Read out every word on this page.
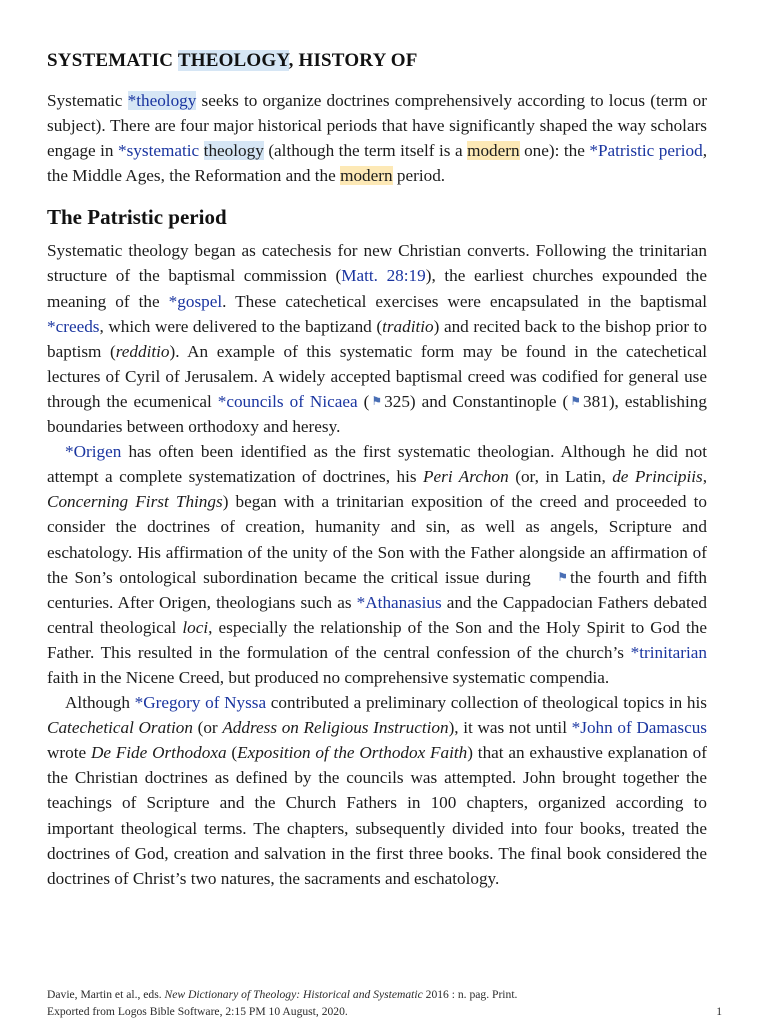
SYSTEMATIC THEOLOGY, HISTORY OF

Systematic *theology seeks to organize doctrines comprehensively according to locus (term or subject). There are four major historical periods that have significantly shaped the way scholars engage in *systematic theology (although the term itself is a modern one): the *Patristic period, the Middle Ages, the Reformation and the modern period.

The Patristic period

Systematic theology began as catechesis for new Christian converts. Following the trinitarian structure of the baptismal commission (Matt. 28:19), the earliest churches expounded the meaning of the *gospel. These catechetical exercises were encapsulated in the baptismal *creeds, which were delivered to the baptizand (traditio) and recited back to the bishop prior to baptism (redditio). An example of this systematic form may be found in the catechetical lectures of Cyril of Jerusalem. A widely accepted baptismal creed was codified for general use through the ecumenical *councils of Nicaea ( ⚑ 325) and Constantinople ( ⚑ 381), establishing boundaries between orthodoxy and heresy.

*Origen has often been identified as the first systematic theologian. Although he did not attempt a complete systematization of doctrines, his Peri Archon (or, in Latin, de Principiis, Concerning First Things) began with a trinitarian exposition of the creed and proceeded to consider the doctrines of creation, humanity and sin, as well as angels, Scripture and eschatology. His affirmation of the unity of the Son with the Father alongside an affirmation of the Son’s ontological subordination became the critical issue during ⚑ the fourth and fifth centuries. After Origen, theologians such as *Athanasius and the Cappadocian Fathers debated central theological loci, especially the relationship of the Son and the Holy Spirit to God the Father. This resulted in the formulation of the central confession of the church’s *trinitarian faith in the Nicene Creed, but produced no comprehensive systematic compendia.

Although *Gregory of Nyssa contributed a preliminary collection of theological topics in his Catechetical Oration (or Address on Religious Instruction), it was not until *John of Damascus wrote De Fide Orthodoxa (Exposition of the Orthodox Faith) that an exhaustive explanation of the Christian doctrines as defined by the councils was attempted. John brought together the teachings of Scripture and the Church Fathers in 100 chapters, organized according to important theological terms. The chapters, subsequently divided into four books, treated the doctrines of God, creation and salvation in the first three books. The final book considered the doctrines of Christ’s two natures, the sacraments and eschatology.

Davie, Martin et al., eds. New Dictionary of Theology: Historical and Systematic 2016 : n. pag. Print.
Exported from Logos Bible Software, 2:15 PM 10 August, 2020.	1
